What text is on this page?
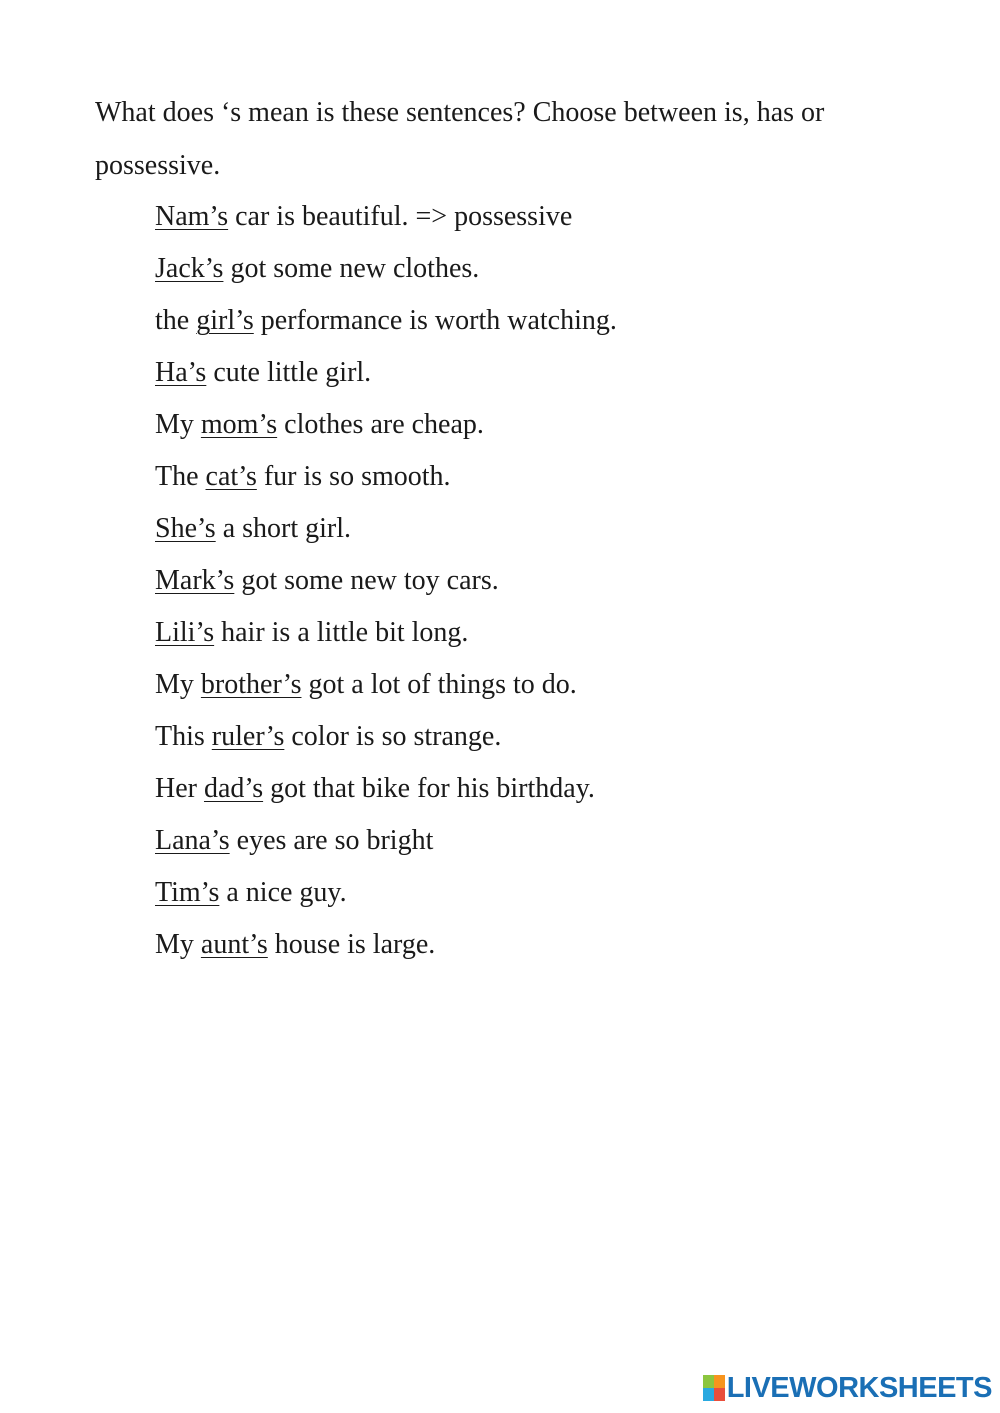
What does ‘s mean is these sentences? Choose between is, has or possessive.

Nam’s car is beautiful. => possessive
Jack’s got some new clothes.
the girl’s performance is worth watching.
Ha’s cute little girl.
My mom’s clothes are cheap.
The cat’s fur is so smooth.
She’s a short girl.
Mark’s got some new toy cars.
Lili’s hair is a little bit long.
My brother’s got a lot of things to do.
This ruler’s color is so strange.
Her dad’s got that bike for his birthday.
Lana’s eyes are so bright
Tim’s a nice guy.
My aunt’s house is large.
LIVEWORKSHEETS
